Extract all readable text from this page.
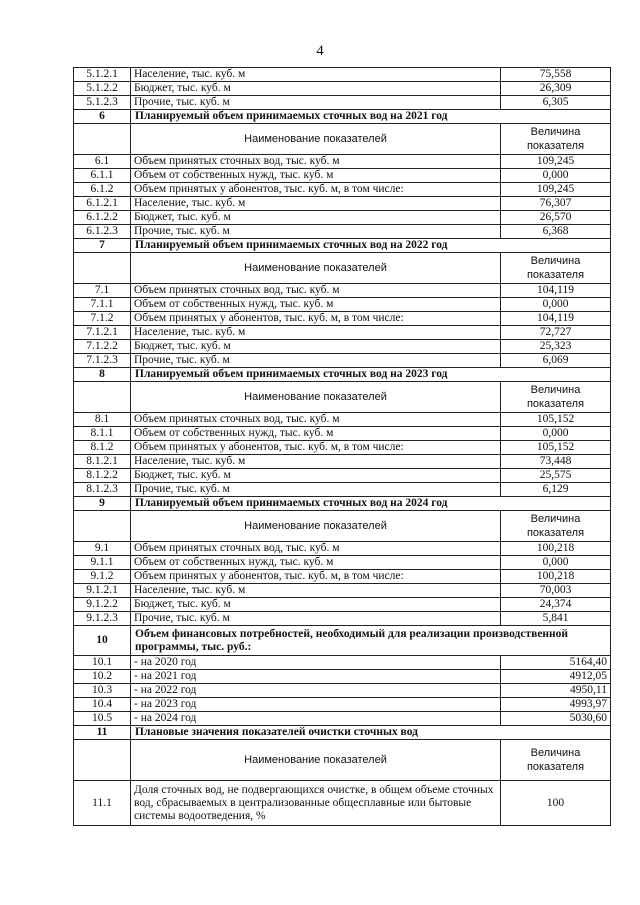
4
5.1.2.1	Население, тыс. куб. м	75,558
5.1.2.2	Бюджет, тыс. куб. м	26,309
5.1.2.3	Прочие, тыс. куб. м	6,305
6	Планируемый объем принимаемых сточных вод на 2021 год	
	Наименование показателей	Величина показателя
6.1	Объем принятых сточных вод, тыс. куб. м	109,245
6.1.1	Объем от собственных нужд, тыс. куб. м	0,000
6.1.2	Объем принятых у абонентов, тыс. куб. м, в том числе:	109,245
6.1.2.1	Население, тыс. куб. м	76,307
6.1.2.2	Бюджет, тыс. куб. м	26,570
6.1.2.3	Прочие, тыс. куб. м	6,368
7	Планируемый объем принимаемых сточных вод на 2022 год	
	Наименование показателей	Величина показателя
7.1	Объем принятых сточных вод, тыс. куб. м	104,119
7.1.1	Объем от собственных нужд, тыс. куб. м	0,000
7.1.2	Объем принятых у абонентов, тыс. куб. м, в том числе:	104,119
7.1.2.1	Население, тыс. куб. м	72,727
7.1.2.2	Бюджет, тыс. куб. м	25,323
7.1.2.3	Прочие, тыс. куб. м	6,069
8	Планируемый объем принимаемых сточных вод на 2023 год	
	Наименование показателей	Величина показателя
8.1	Объем принятых сточных вод, тыс. куб. м	105,152
8.1.1	Объем от собственных нужд, тыс. куб. м	0,000
8.1.2	Объем принятых у абонентов, тыс. куб. м, в том числе:	105,152
8.1.2.1	Население, тыс. куб. м	73,448
8.1.2.2	Бюджет, тыс. куб. м	25,575
8.1.2.3	Прочие, тыс. куб. м	6,129
9	Планируемый объем принимаемых сточных вод на 2024 год	
	Наименование показателей	Величина показателя
9.1	Объем принятых сточных вод, тыс. куб. м	100,218
9.1.1	Объем от собственных нужд, тыс. куб. м	0,000
9.1.2	Объем принятых у абонентов, тыс. куб. м, в том числе:	100,218
9.1.2.1	Население, тыс. куб. м	70,003
9.1.2.2	Бюджет, тыс. куб. м	24,374
9.1.2.3	Прочие, тыс. куб. м	5,841
10	Объем финансовых потребностей, необходимый для реализации производственной программы, тыс. руб.:	
10.1	- на 2020 год	5164,40
10.2	- на 2021 год	4912,05
10.3	- на 2022 год	4950,11
10.4	- на 2023 год	4993,97
10.5	- на 2024 год	5030,60
11	Плановые значения показателей очистки сточных вод	
	Наименование показателей	Величина показателя
11.1	Доля сточных вод, не подвергающихся очистке, в общем объеме сточных вод, сбрасываемых в централизованные общесплавные или бытовые системы водоотведения, %	100
